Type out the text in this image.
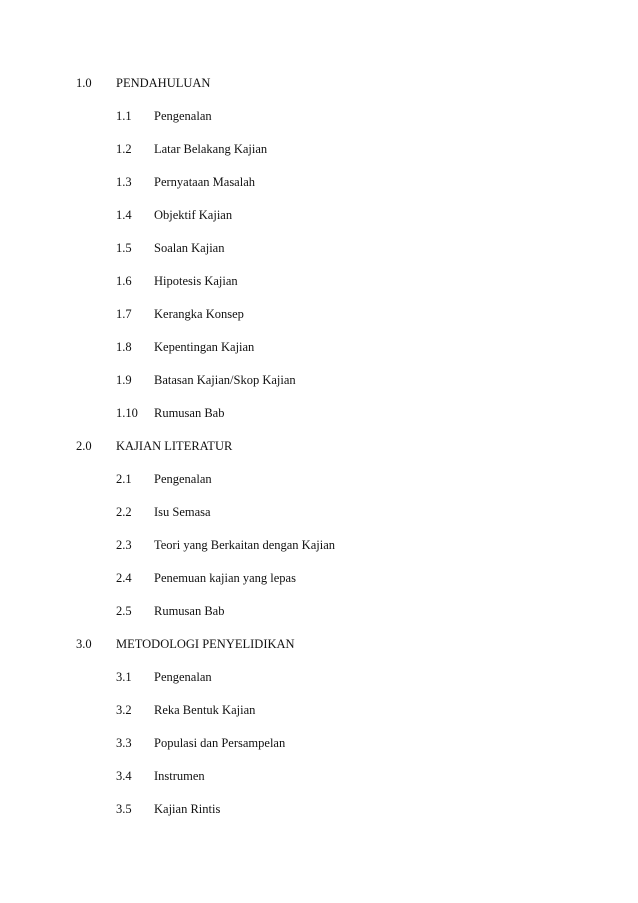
1.0 PENDAHULUAN
1.1 Pengenalan
1.2 Latar Belakang Kajian
1.3 Pernyataan Masalah
1.4 Objektif Kajian
1.5 Soalan Kajian
1.6 Hipotesis Kajian
1.7 Kerangka Konsep
1.8 Kepentingan Kajian
1.9 Batasan Kajian/Skop Kajian
1.10 Rumusan Bab
2.0 KAJIAN LITERATUR
2.1 Pengenalan
2.2 Isu Semasa
2.3 Teori yang Berkaitan dengan Kajian
2.4 Penemuan kajian yang lepas
2.5 Rumusan Bab
3.0 METODOLOGI PENYELIDIKAN
3.1 Pengenalan
3.2 Reka Bentuk Kajian
3.3 Populasi dan Persampelan
3.4 Instrumen
3.5 Kajian Rintis
